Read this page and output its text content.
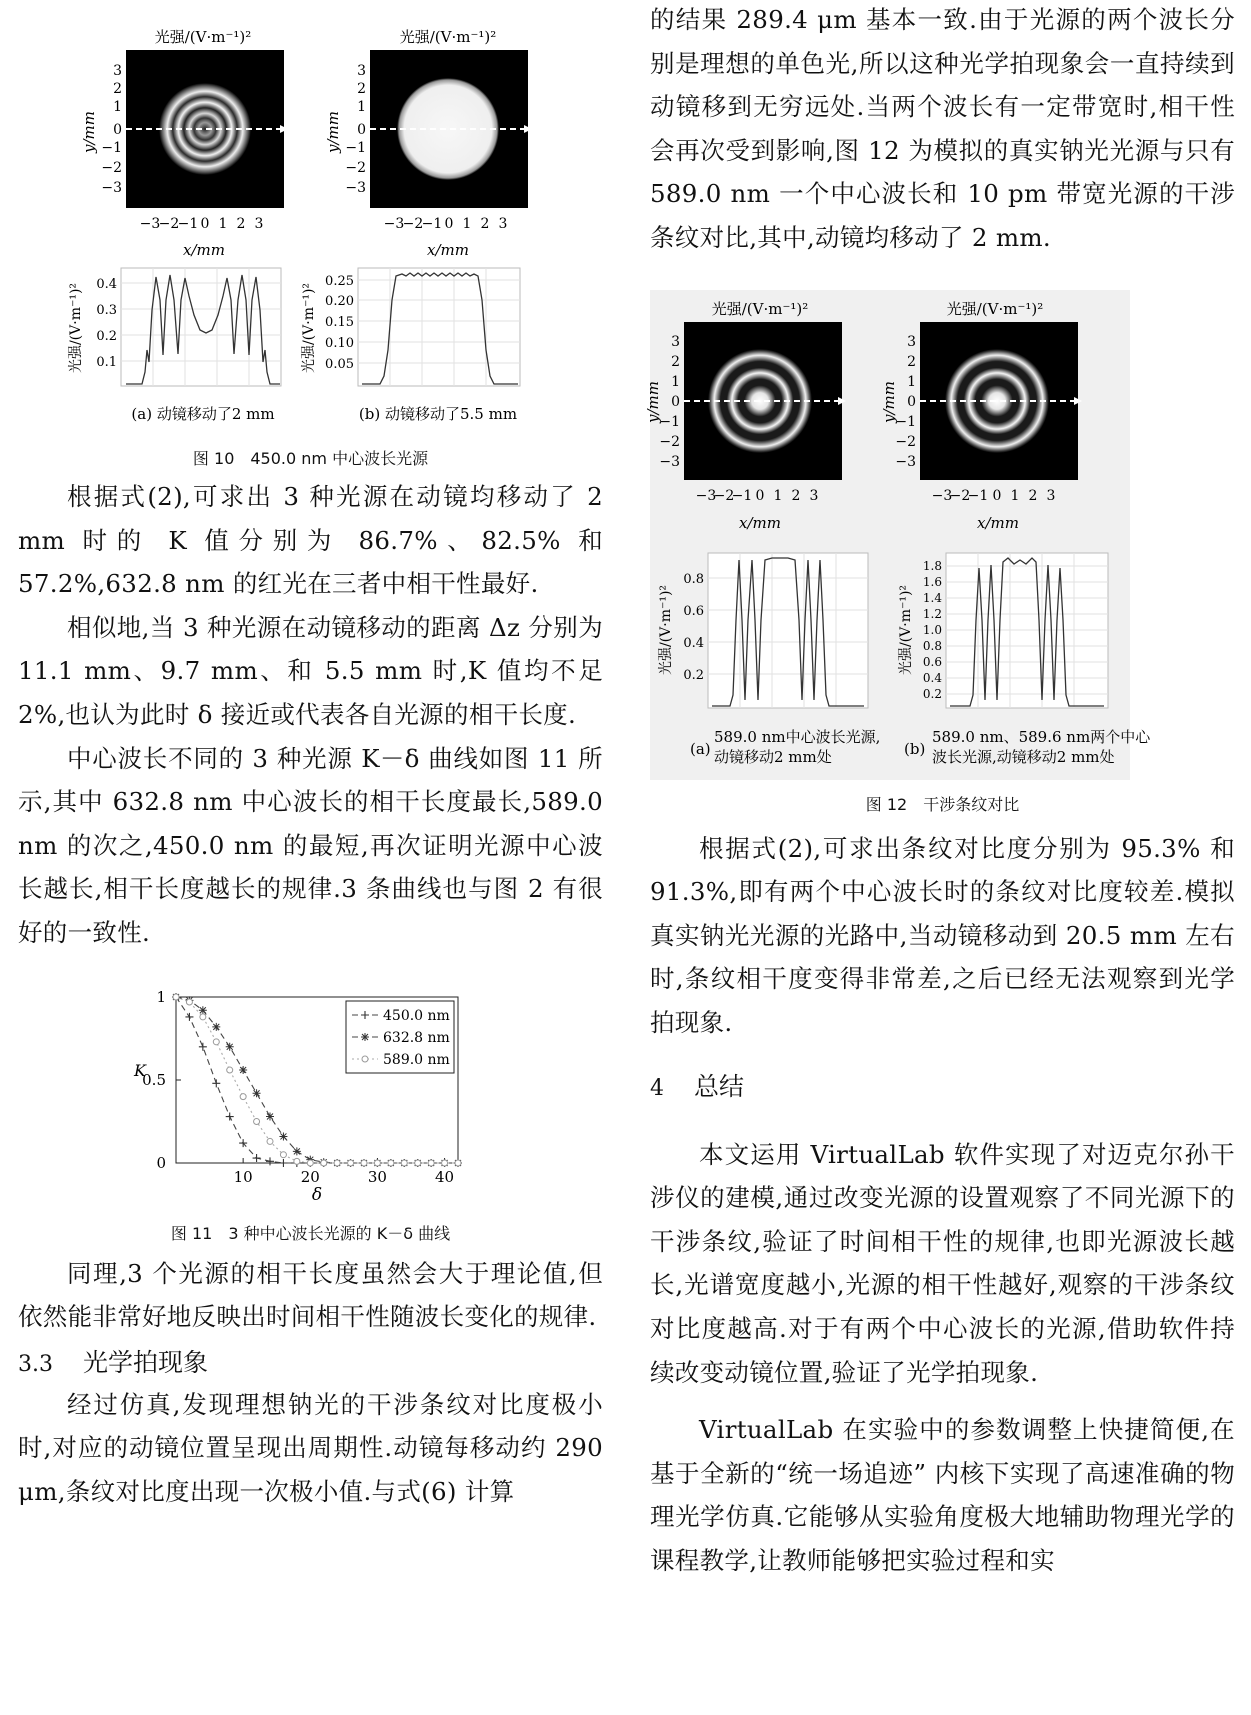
光强/(V·m⁻¹)²
3
2
1
0
−1
−2
−3
y/mm
−3
−2
−1 0 1 2 3
x/mm
光强/(V·m⁻¹)²
3
2
1
0
−1
−2
−3
y/mm
−3
−2
−1 0 1 2 3
x/mm
0.4
0.3
0.2
0.1
光强/(V·m⁻¹)²
(a) 动镜移动了2 mm
0.25
0.20
0.15
0.10
0.05
光强/(V·m⁻¹)²
(b) 动镜移动了5.5 mm

图 10　450.0 nm 中心波长光源

根据式(2),可求出 3 种光源在动镜均移动了 2 mm 时的 K 值分别为 86.7%、82.5% 和 57.2%,632.8 nm 的红光在三者中相干性最好.

相似地,当 3 种光源在动镜移动的距离 Δz 分别为 11.1 mm、9.7 mm、和 5.5 mm 时,K 值均不足 2%,也认为此时 δ 接近或代表各自光源的相干长度.

中心波长不同的 3 种光源 K－δ 曲线如图 11 所示,其中 632.8 nm 中心波长的相干长度最长,589.0 nm 的次之,450.0 nm 的最短,再次证明光源中心波长越长,相干长度越长的规律.3 条曲线也与图 2 有很好的一致性.

0
0.5
1
10	20	30	40
δ
K
450.0 nm
632.8 nm
589.0 nm

图 11　3 种中心波长光源的 K－δ 曲线

同理,3 个光源的相干长度虽然会大于理论值,但依然能非常好地反映出时间相干性随波长变化的规律.

3.3 光学拍现象

经过仿真,发现理想钠光的干涉条纹对比度极小时,对应的动镜位置呈现出周期性.动镜每移动约 290 μm,条纹对比度出现一次极小值.与式(6) 计算

的结果 289.4 μm 基本一致.由于光源的两个波长分别是理想的单色光,所以这种光学拍现象会一直持续到动镜移到无穷远处.当两个波长有一定带宽时,相干性会再次受到影响,图 12 为模拟的真实钠光光源与只有 589.0 nm 一个中心波长和 10 pm 带宽光源的干涉条纹对比,其中,动镜均移动了 2 mm.

光强/(V·m⁻¹)²
3
2
1
0
−1
−2
−3
y/mm
−3
−2
−1 0 1 2 3
x/mm
光强/(V·m⁻¹)²
3
2
1
0
−1
−2
−3
y/mm
−3
−2
−1 0 1 2 3
x/mm
0.8
0.6
0.4
0.2
光强/(V·m⁻¹)²
1.8
1.6
1.4
1.2
1.0
0.8
0.6
0.4
0.2
光强/(V·m⁻¹)²
(a)
589.0 nm中心波长光源,
动镜移动2 mm处	(b)
589.0 nm、589.6 nm两个中心
波长光源,动镜移动2 mm处

图 12　干涉条纹对比

根据式(2),可求出条纹对比度分别为 95.3% 和 91.3%,即有两个中心波长时的条纹对比度较差.模拟真实钠光光源的光路中,当动镜移动到 20.5 mm 左右时,条纹相干度变得非常差,之后已经无法观察到光学拍现象.

4 总结

本文运用 VirtualLab 软件实现了对迈克尔孙干涉仪的建模,通过改变光源的设置观察了不同光源下的干涉条纹,验证了时间相干性的规律,也即光源波长越长,光谱宽度越小,光源的相干性越好,观察的干涉条纹对比度越高.对于有两个中心波长的光源,借助软件持续改变动镜位置,验证了光学拍现象.

VirtualLab 在实验中的参数调整上快捷简便,在基于全新的“统一场追迹” 内核下实现了高速准确的物理光学仿真.它能够从实验角度极大地辅助物理光学的课程教学,让教师能够把实验过程和实
